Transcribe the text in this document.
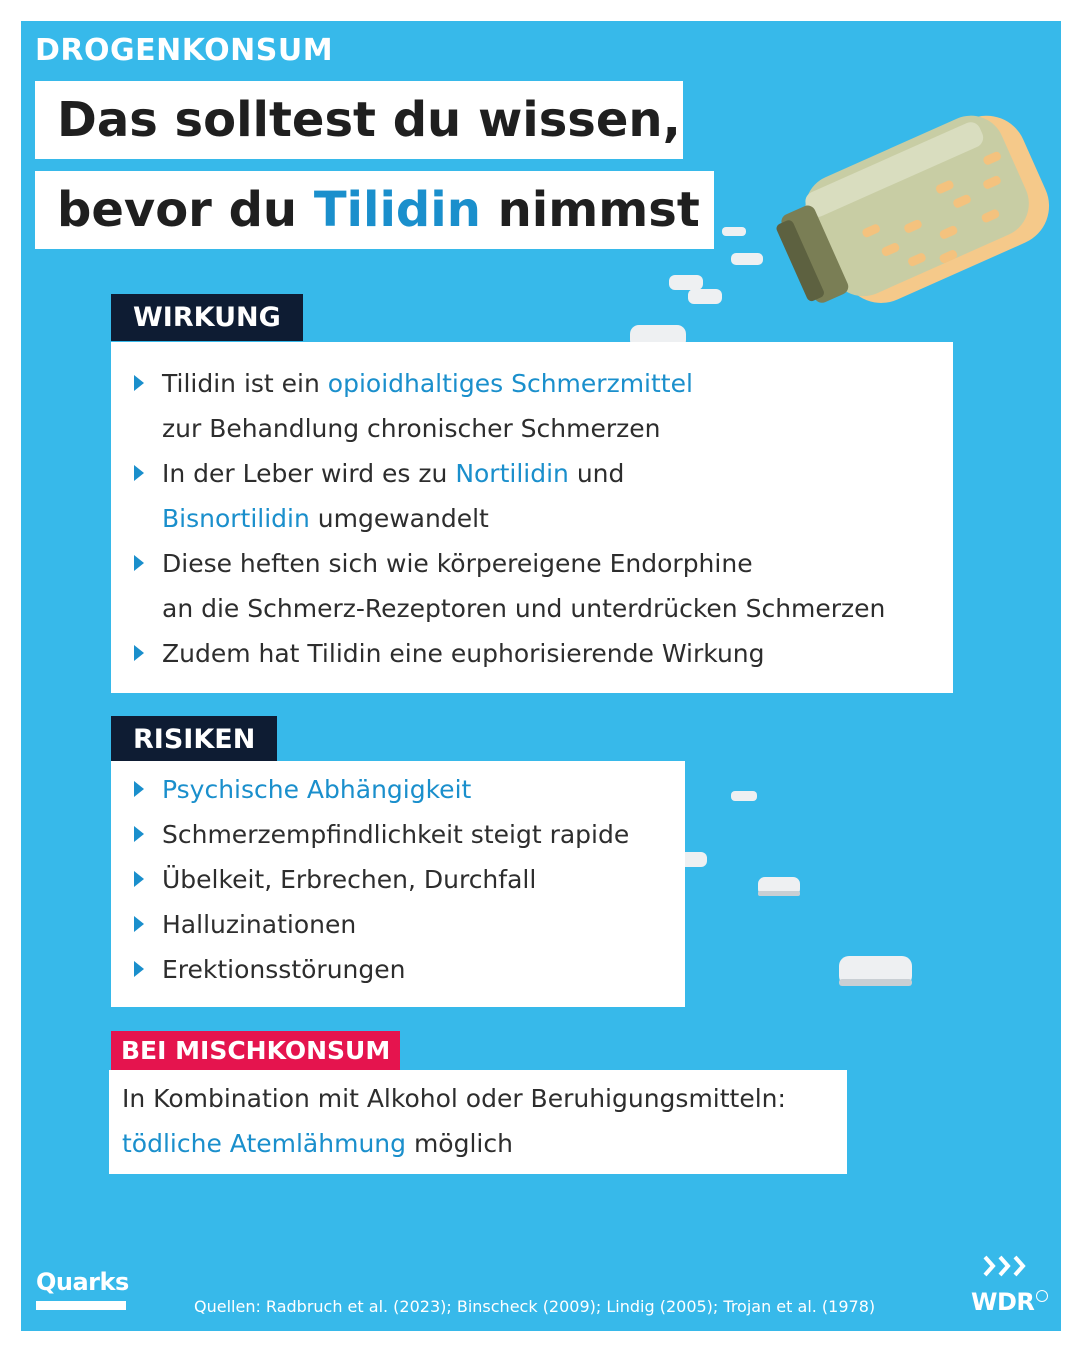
DROGENKONSUM
Das solltest du wissen,
bevor du Tilidin nimmst
WIRKUNG
Tilidin ist ein opioidhaltiges Schmerzmittel
zur Behandlung chronischer Schmerzen
In der Leber wird es zu Nortilidin und
Bisnortilidin umgewandelt
Diese heften sich wie körpereigene Endorphine
an die Schmerz-Rezeptoren und unterdrücken Schmerzen
Zudem hat Tilidin eine euphorisierende Wirkung
RISIKEN
Psychische Abhängigkeit
Schmerzempfindlichkeit steigt rapide
Übelkeit, Erbrechen, Durchfall
Halluzinationen
Erektionsstörungen
BEI MISCHKONSUM
In Kombination mit Alkohol oder Beruhigungsmitteln:
tödliche Atemlähmung möglich
Quarks
Quellen: Radbruch et al. (2023); Binscheck (2009); Lindig (2005); Trojan et al. (1978)	WDR
